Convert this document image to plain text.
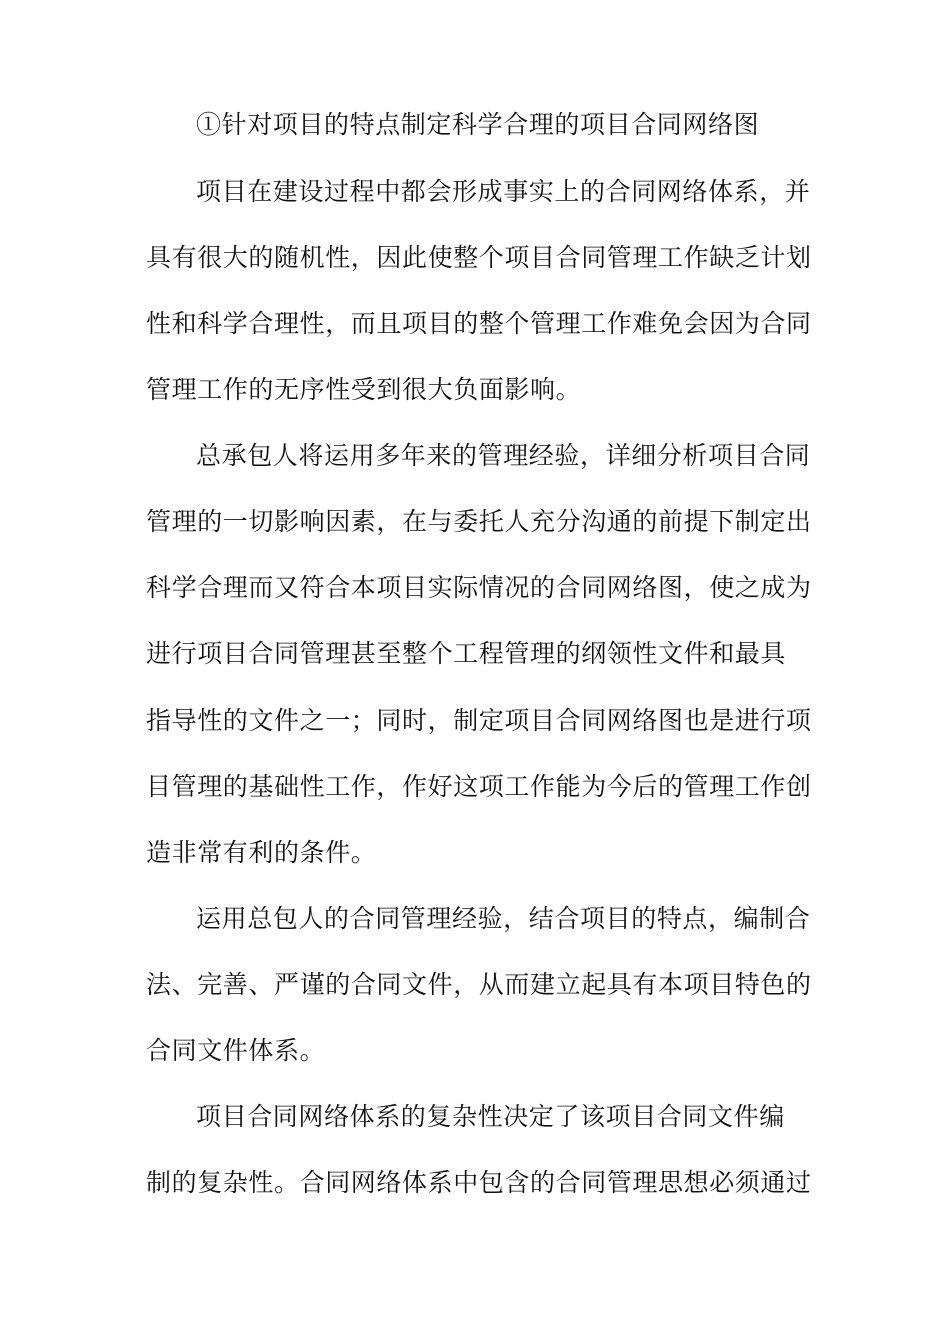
①针对项目的特点制定科学合理的项目合同网络图
项目在建设过程中都会形成事实上的合同网络体系，并
具有很大的随机性，因此使整个项目合同管理工作缺乏计划
性和科学合理性，而且项目的整个管理工作难免会因为合同
管理工作的无序性受到很大负面影响。
总承包人将运用多年来的管理经验，详细分析项目合同
管理的一切影响因素，在与委托人充分沟通的前提下制定出
科学合理而又符合本项目实际情况的合同网络图，使之成为
进行项目合同管理甚至整个工程管理的纲领性文件和最具
指导性的文件之一；同时，制定项目合同网络图也是进行项
目管理的基础性工作，作好这项工作能为今后的管理工作创
造非常有利的条件。
运用总包人的合同管理经验，结合项目的特点，编制合
法、完善、严谨的合同文件，从而建立起具有本项目特色的
合同文件体系。
项目合同网络体系的复杂性决定了该项目合同文件编
制的复杂性。合同网络体系中包含的合同管理思想必须通过
